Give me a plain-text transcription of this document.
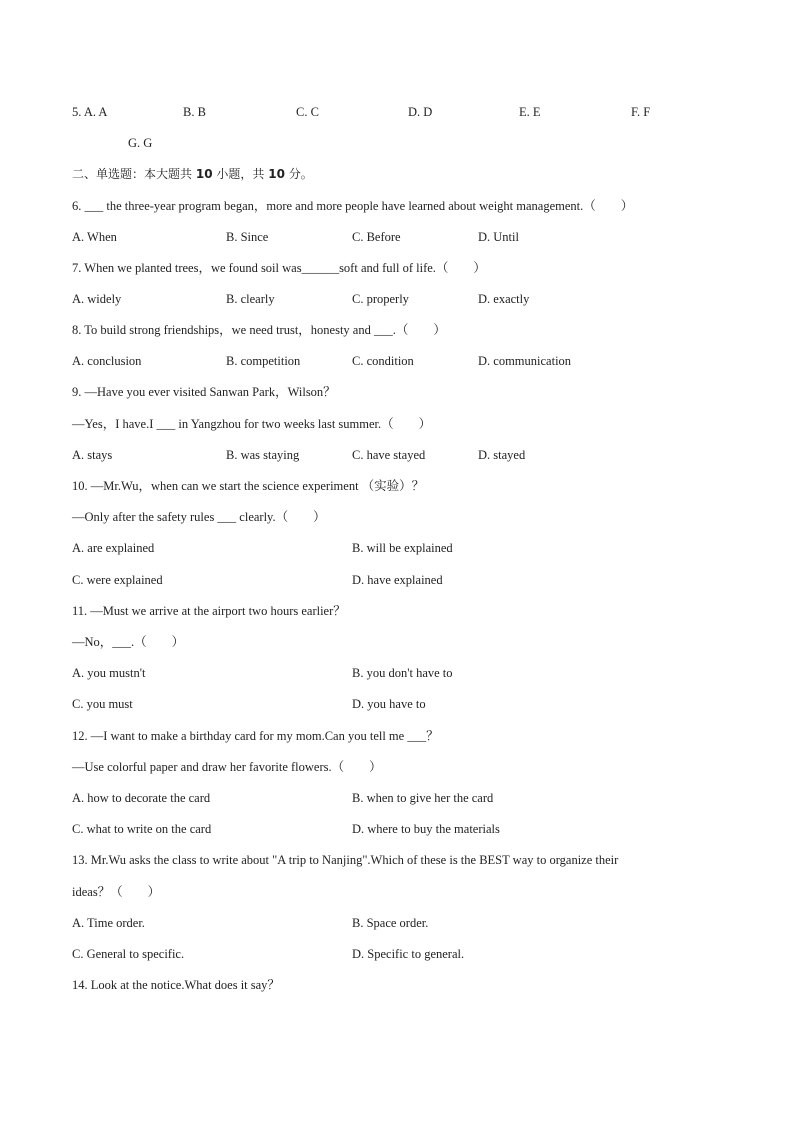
5. A. A	B. B	C. C	D. D	E. E	F. F
G. G
二、单选题：本大题共 10 小题，共 10 分。
6. ___ the three-year program began，more and more people have learned about weight management.（　　）
A. When	B. Since	C. Before	D. Until
7. When we planted trees，we found soil was______soft and full of life.（　　）
A. widely	B. clearly	C. properly	D. exactly
8. To build strong friendships，we need trust，honesty and ___.（　　）
A. conclusion	B. competition	C. condition	D. communication
9. —Have you ever visited Sanwan Park，Wilson？
—Yes，I have.I ___ in Yangzhou for two weeks last summer.（　　）
A. stays	B. was staying	C. have stayed	D. stayed
10. —Mr.Wu，when can we start the science experiment （实验）？
—Only after the safety rules ___ clearly.（　　）
A. are explained	B. will be explained
C. were explained	D. have explained
11. —Must we arrive at the airport two hours earlier？
—No，___.（　　）
A. you mustn't	B. you don't have to
C. you must	D. you have to
12. —I want to make a birthday card for my mom.Can you tell me ___？
—Use colorful paper and draw her favorite flowers.（　　）
A. how to decorate the card	B. when to give her the card
C. what to write on the card	D. where to buy the materials
13. Mr.Wu asks the class to write about "A trip to Nanjing".Which of these is the BEST way to organize their
ideas？（　　）
A. Time order.	B. Space order.
C. General to specific.	D. Specific to general.
14. Look at the notice.What does it say？
